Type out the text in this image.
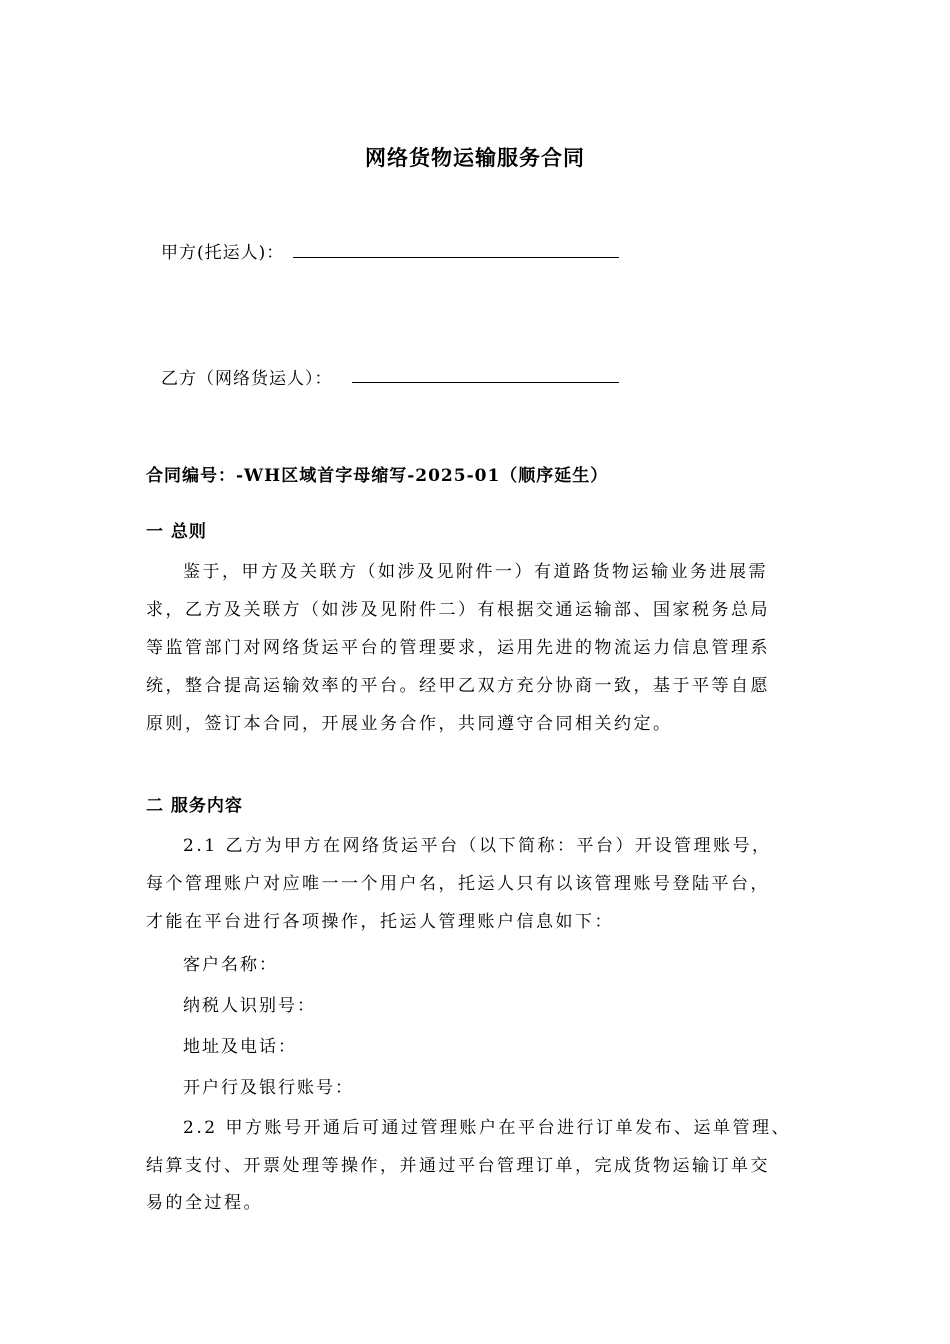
网络货物运输服务合同
甲方(托运人)：
乙方（网络货运人）：
合同编号：-WH区域首字母缩写-2025-01（顺序延生）
一 总则
鉴于，甲方及关联方（如涉及见附件一）有道路货物运输业务进展需
求，乙方及关联方（如涉及见附件二）有根据交通运输部、国家税务总局
等监管部门对网络货运平台的管理要求，运用先进的物流运力信息管理系
统，整合提高运输效率的平台。经甲乙双方充分协商一致，基于平等自愿
原则，签订本合同，开展业务合作，共同遵守合同相关约定。
二 服务内容
2.1 乙方为甲方在网络货运平台（以下简称：平台）开设管理账号，
每个管理账户对应唯一一个用户名，托运人只有以该管理账号登陆平台，
才能在平台进行各项操作，托运人管理账户信息如下：
客户名称：
纳税人识别号：
地址及电话：
开户行及银行账号：
2.2 甲方账号开通后可通过管理账户在平台进行订单发布、运单管理、
结算支付、开票处理等操作，并通过平台管理订单，完成货物运输订单交
易的全过程。
